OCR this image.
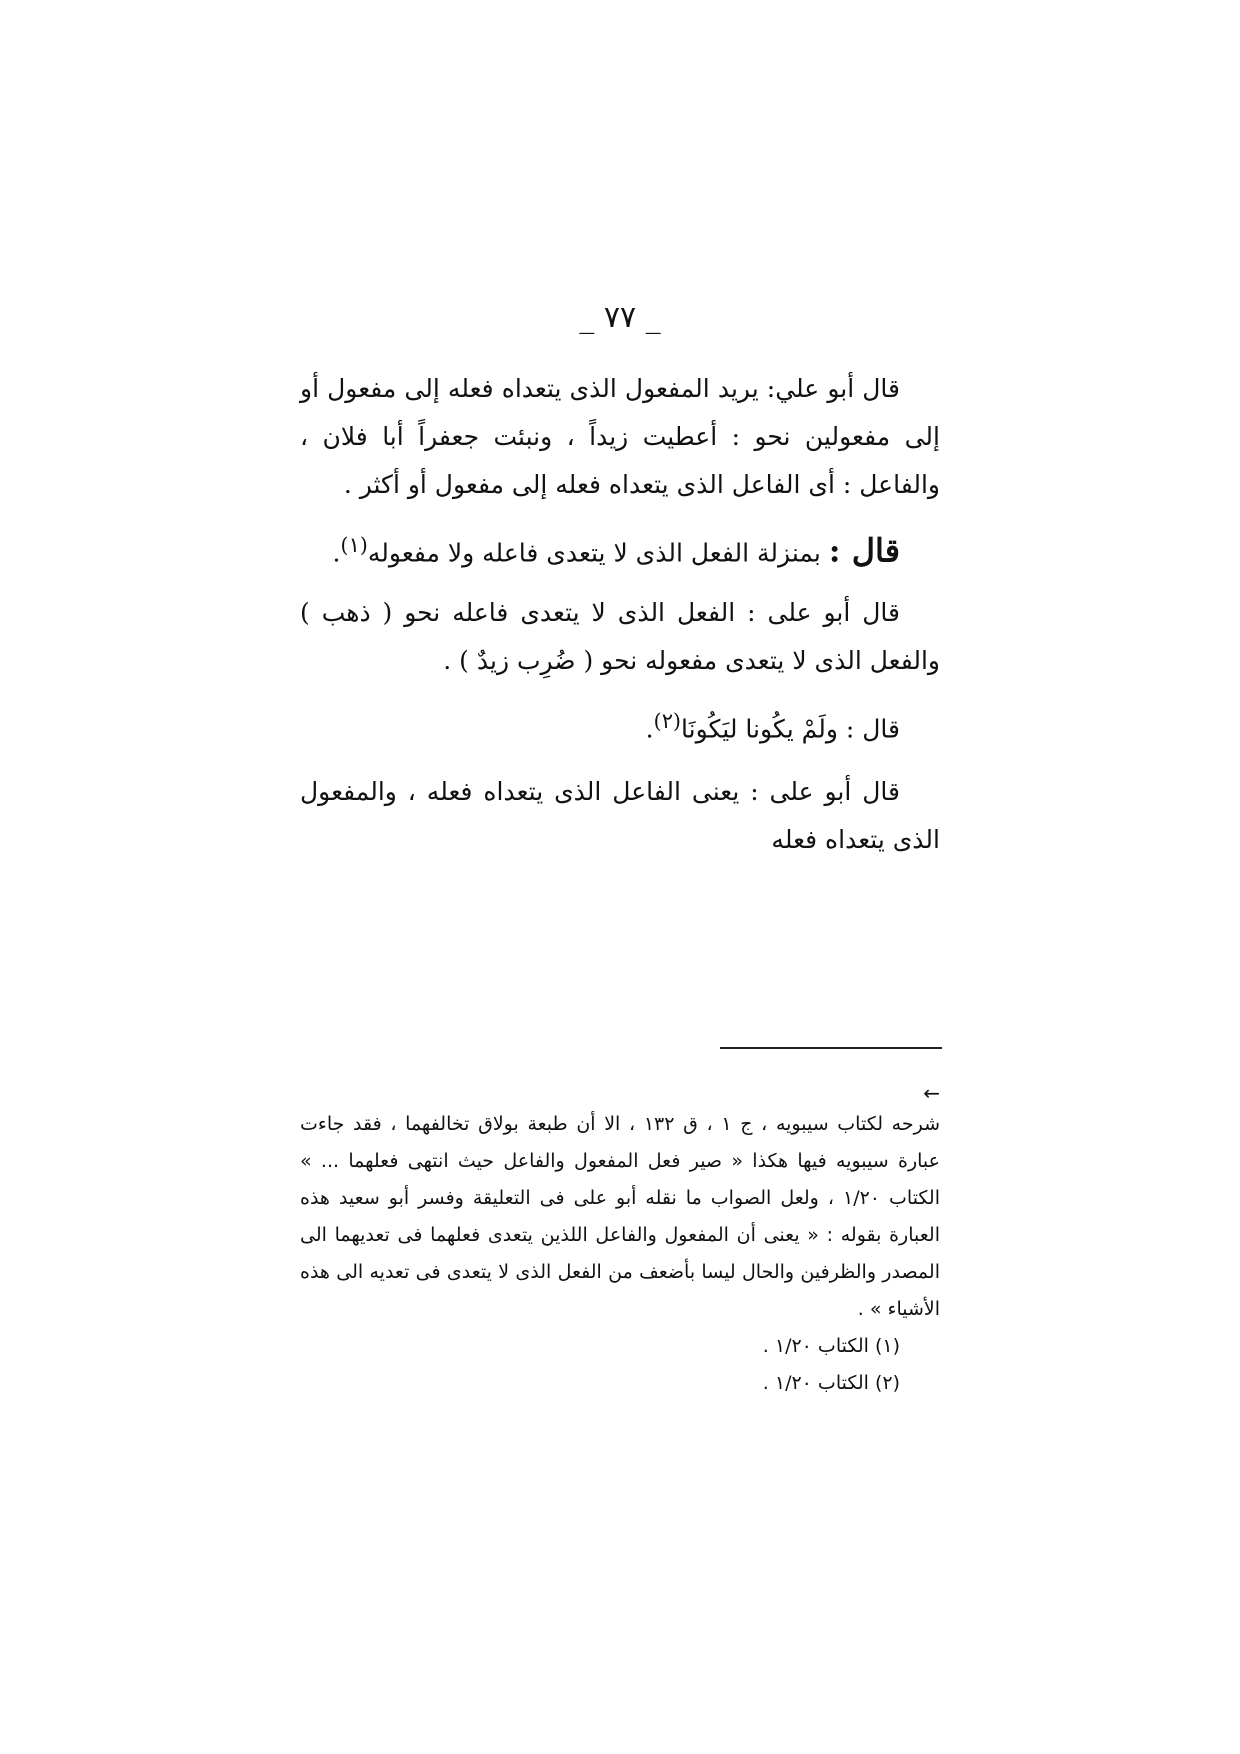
_ ٧٧ _

قال أبو علي: يريد المفعول الذى يتعداه فعله إلى مفعول أو إلى مفعولين نحو : أعطيت زيداً ، ونبئت جعفراً أبا فلان ، والفاعل : أى الفاعل الذى يتعداه فعله إلى مفعول أو أكثر .

قال : بمنزلة الفعل الذى لا يتعدى فاعله ولا مفعوله$^{(١)}$.

قال أبو على : الفعل الذى لا يتعدى فاعله نحو ( ذهب ) والفعل الذى لا يتعدى مفعوله نحو ( ضُرِب زيدٌ ) .

قال : ولَمْ يكُونا ليَكُونَا$^{(٢)}$.

قال أبو على : يعنى الفاعل الذى يتعداه فعله ، والمفعول الذى يتعداه فعله

←

شرحه لكتاب سيبويه ، ج ١ ، ق ١٣٢ ، الا أن طبعة بولاق تخالفهما ، فقد جاءت عبارة سيبويه فيها هكذا « صير فعل المفعول والفاعل حيث انتهى فعلهما ... » الكتاب ١/٢٠ ، ولعل الصواب ما نقله أبو على فى التعليقة وفسر أبو سعيد هذه العبارة بقوله : « يعنى أن المفعول والفاعل اللذين يتعدى فعلهما فى تعديهما الى المصدر والظرفين والحال ليسا بأضعف من الفعل الذى لا يتعدى فى تعديه الى هذه الأشياء » .

(١) الكتاب ١/٢٠ .

(٢) الكتاب ١/٢٠ .
